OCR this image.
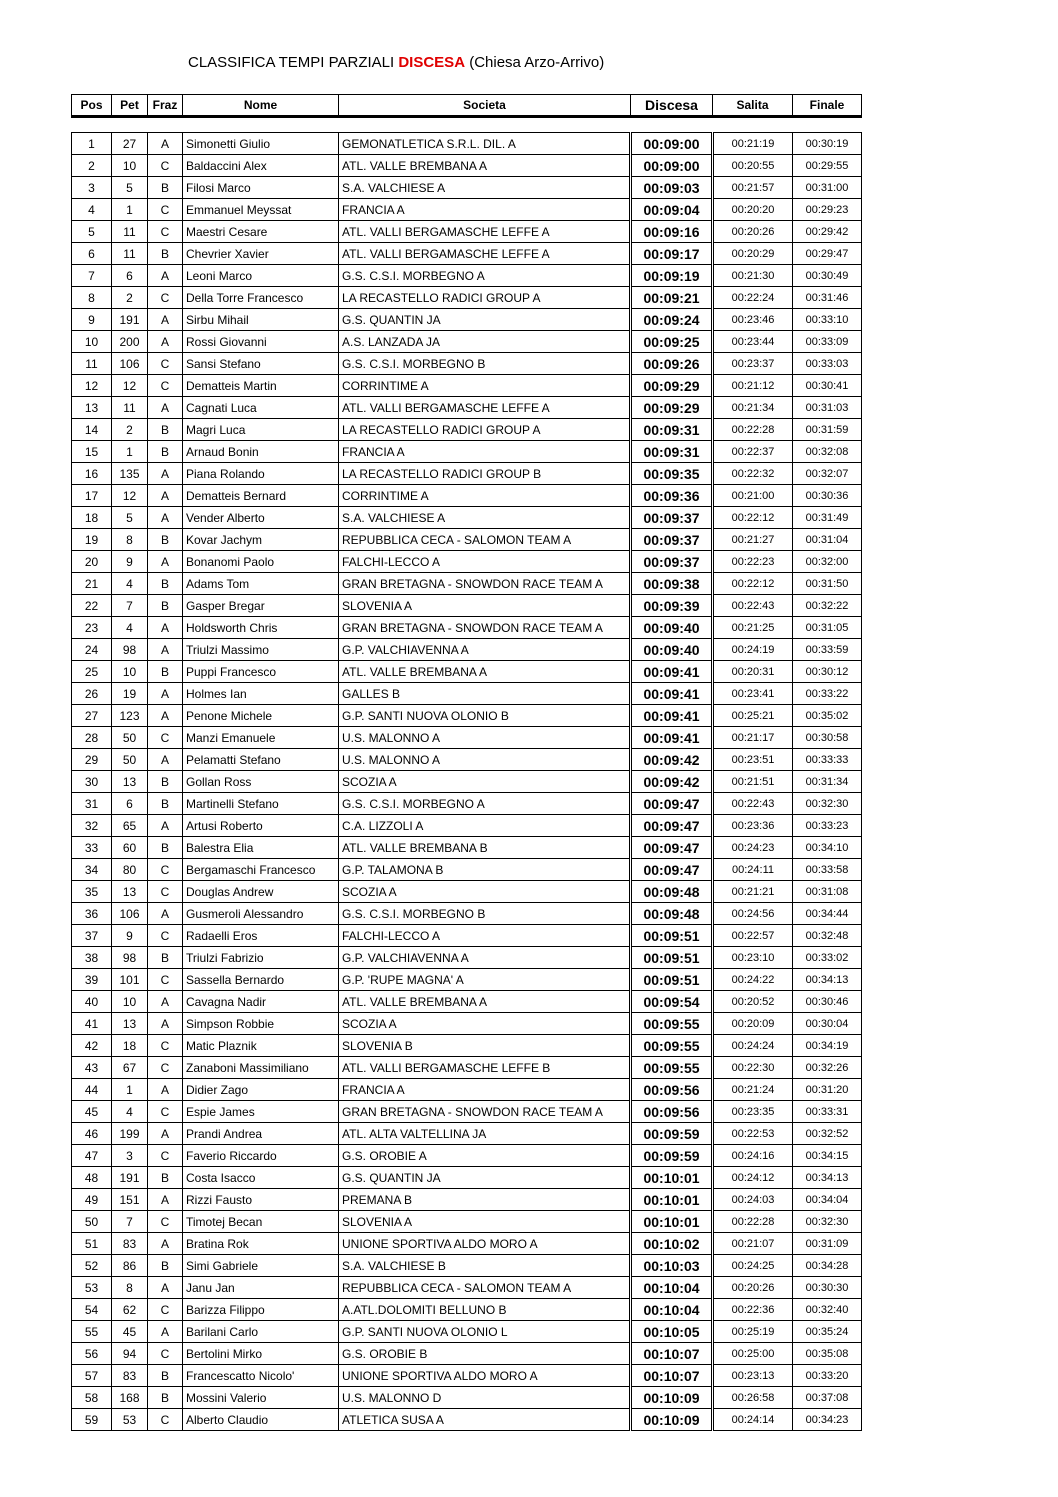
CLASSIFICA TEMPI PARZIALI DISCESA (Chiesa Arzo-Arrivo)
Pos	Pet	Fraz	Nome	Societa	Discesa	Salita	Finale

1	27	A	Simonetti Giulio	GEMONATLETICA S.R.L. DIL. A	00:09:00	00:21:19	00:30:19
2	10	C	Baldaccini Alex	ATL. VALLE BREMBANA A	00:09:00	00:20:55	00:29:55
3	5	B	Filosi Marco	S.A. VALCHIESE A	00:09:03	00:21:57	00:31:00
4	1	C	Emmanuel Meyssat	FRANCIA A	00:09:04	00:20:20	00:29:23
5	11	C	Maestri Cesare	ATL. VALLI BERGAMASCHE LEFFE A	00:09:16	00:20:26	00:29:42
6	11	B	Chevrier Xavier	ATL. VALLI BERGAMASCHE LEFFE A	00:09:17	00:20:29	00:29:47
7	6	A	Leoni Marco	G.S. C.S.I. MORBEGNO A	00:09:19	00:21:30	00:30:49
8	2	C	Della Torre Francesco	LA RECASTELLO RADICI GROUP A	00:09:21	00:22:24	00:31:46
9	191	A	Sirbu Mihail	G.S. QUANTIN JA	00:09:24	00:23:46	00:33:10
10	200	A	Rossi Giovanni	A.S. LANZADA JA	00:09:25	00:23:44	00:33:09
11	106	C	Sansi Stefano	G.S. C.S.I. MORBEGNO B	00:09:26	00:23:37	00:33:03
12	12	C	Dematteis Martin	CORRINTIME A	00:09:29	00:21:12	00:30:41
13	11	A	Cagnati Luca	ATL. VALLI BERGAMASCHE LEFFE A	00:09:29	00:21:34	00:31:03
14	2	B	Magri Luca	LA RECASTELLO RADICI GROUP A	00:09:31	00:22:28	00:31:59
15	1	B	Arnaud Bonin	FRANCIA A	00:09:31	00:22:37	00:32:08
16	135	A	Piana Rolando	LA RECASTELLO RADICI GROUP B	00:09:35	00:22:32	00:32:07
17	12	A	Dematteis Bernard	CORRINTIME A	00:09:36	00:21:00	00:30:36
18	5	A	Vender Alberto	S.A. VALCHIESE A	00:09:37	00:22:12	00:31:49
19	8	B	Kovar Jachym	REPUBBLICA CECA - SALOMON TEAM A	00:09:37	00:21:27	00:31:04
20	9	A	Bonanomi Paolo	FALCHI-LECCO A	00:09:37	00:22:23	00:32:00
21	4	B	Adams Tom	GRAN BRETAGNA - SNOWDON RACE TEAM A	00:09:38	00:22:12	00:31:50
22	7	B	Gasper Bregar	SLOVENIA A	00:09:39	00:22:43	00:32:22
23	4	A	Holdsworth Chris	GRAN BRETAGNA - SNOWDON RACE TEAM A	00:09:40	00:21:25	00:31:05
24	98	A	Triulzi Massimo	G.P. VALCHIAVENNA A	00:09:40	00:24:19	00:33:59
25	10	B	Puppi Francesco	ATL. VALLE BREMBANA A	00:09:41	00:20:31	00:30:12
26	19	A	Holmes Ian	GALLES B	00:09:41	00:23:41	00:33:22
27	123	A	Penone Michele	G.P. SANTI NUOVA OLONIO B	00:09:41	00:25:21	00:35:02
28	50	C	Manzi Emanuele	U.S. MALONNO A	00:09:41	00:21:17	00:30:58
29	50	A	Pelamatti Stefano	U.S. MALONNO A	00:09:42	00:23:51	00:33:33
30	13	B	Gollan Ross	SCOZIA A	00:09:42	00:21:51	00:31:34
31	6	B	Martinelli Stefano	G.S. C.S.I. MORBEGNO A	00:09:47	00:22:43	00:32:30
32	65	A	Artusi Roberto	C.A. LIZZOLI A	00:09:47	00:23:36	00:33:23
33	60	B	Balestra Elia	ATL. VALLE BREMBANA B	00:09:47	00:24:23	00:34:10
34	80	C	Bergamaschi Francesco	G.P. TALAMONA B	00:09:47	00:24:11	00:33:58
35	13	C	Douglas Andrew	SCOZIA A	00:09:48	00:21:21	00:31:08
36	106	A	Gusmeroli Alessandro	G.S. C.S.I. MORBEGNO B	00:09:48	00:24:56	00:34:44
37	9	C	Radaelli Eros	FALCHI-LECCO A	00:09:51	00:22:57	00:32:48
38	98	B	Triulzi Fabrizio	G.P. VALCHIAVENNA A	00:09:51	00:23:10	00:33:02
39	101	C	Sassella Bernardo	G.P. 'RUPE MAGNA' A	00:09:51	00:24:22	00:34:13
40	10	A	Cavagna Nadir	ATL. VALLE BREMBANA A	00:09:54	00:20:52	00:30:46
41	13	A	Simpson Robbie	SCOZIA A	00:09:55	00:20:09	00:30:04
42	18	C	Matic Plaznik	SLOVENIA B	00:09:55	00:24:24	00:34:19
43	67	C	Zanaboni Massimiliano	ATL. VALLI BERGAMASCHE LEFFE B	00:09:55	00:22:30	00:32:26
44	1	A	Didier Zago	FRANCIA A	00:09:56	00:21:24	00:31:20
45	4	C	Espie James	GRAN BRETAGNA - SNOWDON RACE TEAM A	00:09:56	00:23:35	00:33:31
46	199	A	Prandi Andrea	ATL. ALTA VALTELLINA JA	00:09:59	00:22:53	00:32:52
47	3	C	Faverio Riccardo	G.S. OROBIE A	00:09:59	00:24:16	00:34:15
48	191	B	Costa Isacco	G.S. QUANTIN JA	00:10:01	00:24:12	00:34:13
49	151	A	Rizzi Fausto	PREMANA B	00:10:01	00:24:03	00:34:04
50	7	C	Timotej Becan	SLOVENIA A	00:10:01	00:22:28	00:32:30
51	83	A	Bratina Rok	UNIONE SPORTIVA ALDO MORO A	00:10:02	00:21:07	00:31:09
52	86	B	Simi Gabriele	S.A. VALCHIESE B	00:10:03	00:24:25	00:34:28
53	8	A	Janu Jan	REPUBBLICA CECA - SALOMON TEAM A	00:10:04	00:20:26	00:30:30
54	62	C	Barizza Filippo	A.ATL.DOLOMITI BELLUNO B	00:10:04	00:22:36	00:32:40
55	45	A	Barilani Carlo	G.P. SANTI NUOVA OLONIO L	00:10:05	00:25:19	00:35:24
56	94	C	Bertolini Mirko	G.S. OROBIE B	00:10:07	00:25:00	00:35:08
57	83	B	Francescatto Nicolo'	UNIONE SPORTIVA ALDO MORO A	00:10:07	00:23:13	00:33:20
58	168	B	Mossini Valerio	U.S. MALONNO D	00:10:09	00:26:58	00:37:08
59	53	C	Alberto Claudio	ATLETICA SUSA A	00:10:09	00:24:14	00:34:23
